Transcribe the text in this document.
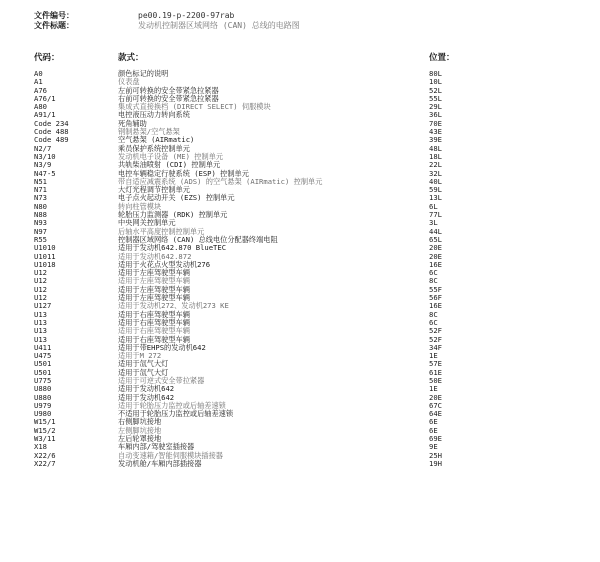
文件编号：	pe00.19-p-2200-97rab
文件标题：	发动机控制器区域网络 (CAN) 总线的电路图
代码：	款式：	位置：
A0	颜色标记的说明	80L
A1	仪表盘	10L
A76	左前可转换的安全带紧急拉紧器	52L
A76/1	右前可转换的安全带紧急拉紧器	55L
A80	集成式直接换档 (DIRECT SELECT) 伺服模块	29L
A91/1	电控液压动力转向系统	36L
Code 234	死角辅助	70E
Code 488	钢制悬架/空气悬架	43E
Code 489	空气悬架 (AIRmatic)	39E
N2/7	乘员保护系统控制单元	48L
N3/10	发动机电子设备 (ME) 控制单元	18L
N3/9	共轨柴油喷射 (CDI) 控制单元	22L
N47-5	电控车辆稳定行驶系统 (ESP) 控制单元	32L
N51	带自适应减震系统 (ADS) 的空气悬架 (AIRmatic) 控制单元	40L
N71	大灯光程调节控制单元	59L
N73	电子点火起动开关 (EZS) 控制单元	13L
N80	转向柱管模块	6L
N88	轮胎压力监测器 (RDK) 控制单元	77L
N93	中央网关控制单元	3L
N97	后轴水平高度控制控制单元	44L
R55	控制器区域网络 (CAN) 总线电位分配器终端电阻	65L
U1010	适用于发动机642.870 BlueTEC	20E
U1011	适用于发动机642.872	20E
U1018	适用于火花点火型发动机276	16E
U12	适用于左座驾驶型车辆	6C
U12	适用于左座驾驶型车辆	8C
U12	适用于左座驾驶型车辆	55F
U12	适用于左座驾驶型车辆	56F
U127	适用于发动机272、发动机273 KE	16E
U13	适用于右座驾驶型车辆	8C
U13	适用于右座驾驶型车辆	6C
U13	适用于右座驾驶型车辆	52F
U13	适用于右座驾驶型车辆	52F
U411	适用于带EHPS的发动机642	34F
U475	适用于M 272	1E
U501	适用于氙气大灯	57E
U501	适用于氙气大灯	61E
U775	适用于可逆式安全带拉紧器	50E
U880	适用于发动机642	1E
U880	适用于发动机642	20E
U979	适用于轮胎压力监控或后轴差速锁	67C
U980	不适用于轮胎压力监控或后轴差速锁	64E
W15/1	右侧脚坑接地	6E
W15/2	左侧脚坑接地	6E
W3/11	左后轮罩接地	69E
X18	车厢内部/驾驶室插接器	9E
X22/6	自动变速箱/智能伺服模块插接器	25H
X22/7	发动机舱/车厢内部插接器	19H
